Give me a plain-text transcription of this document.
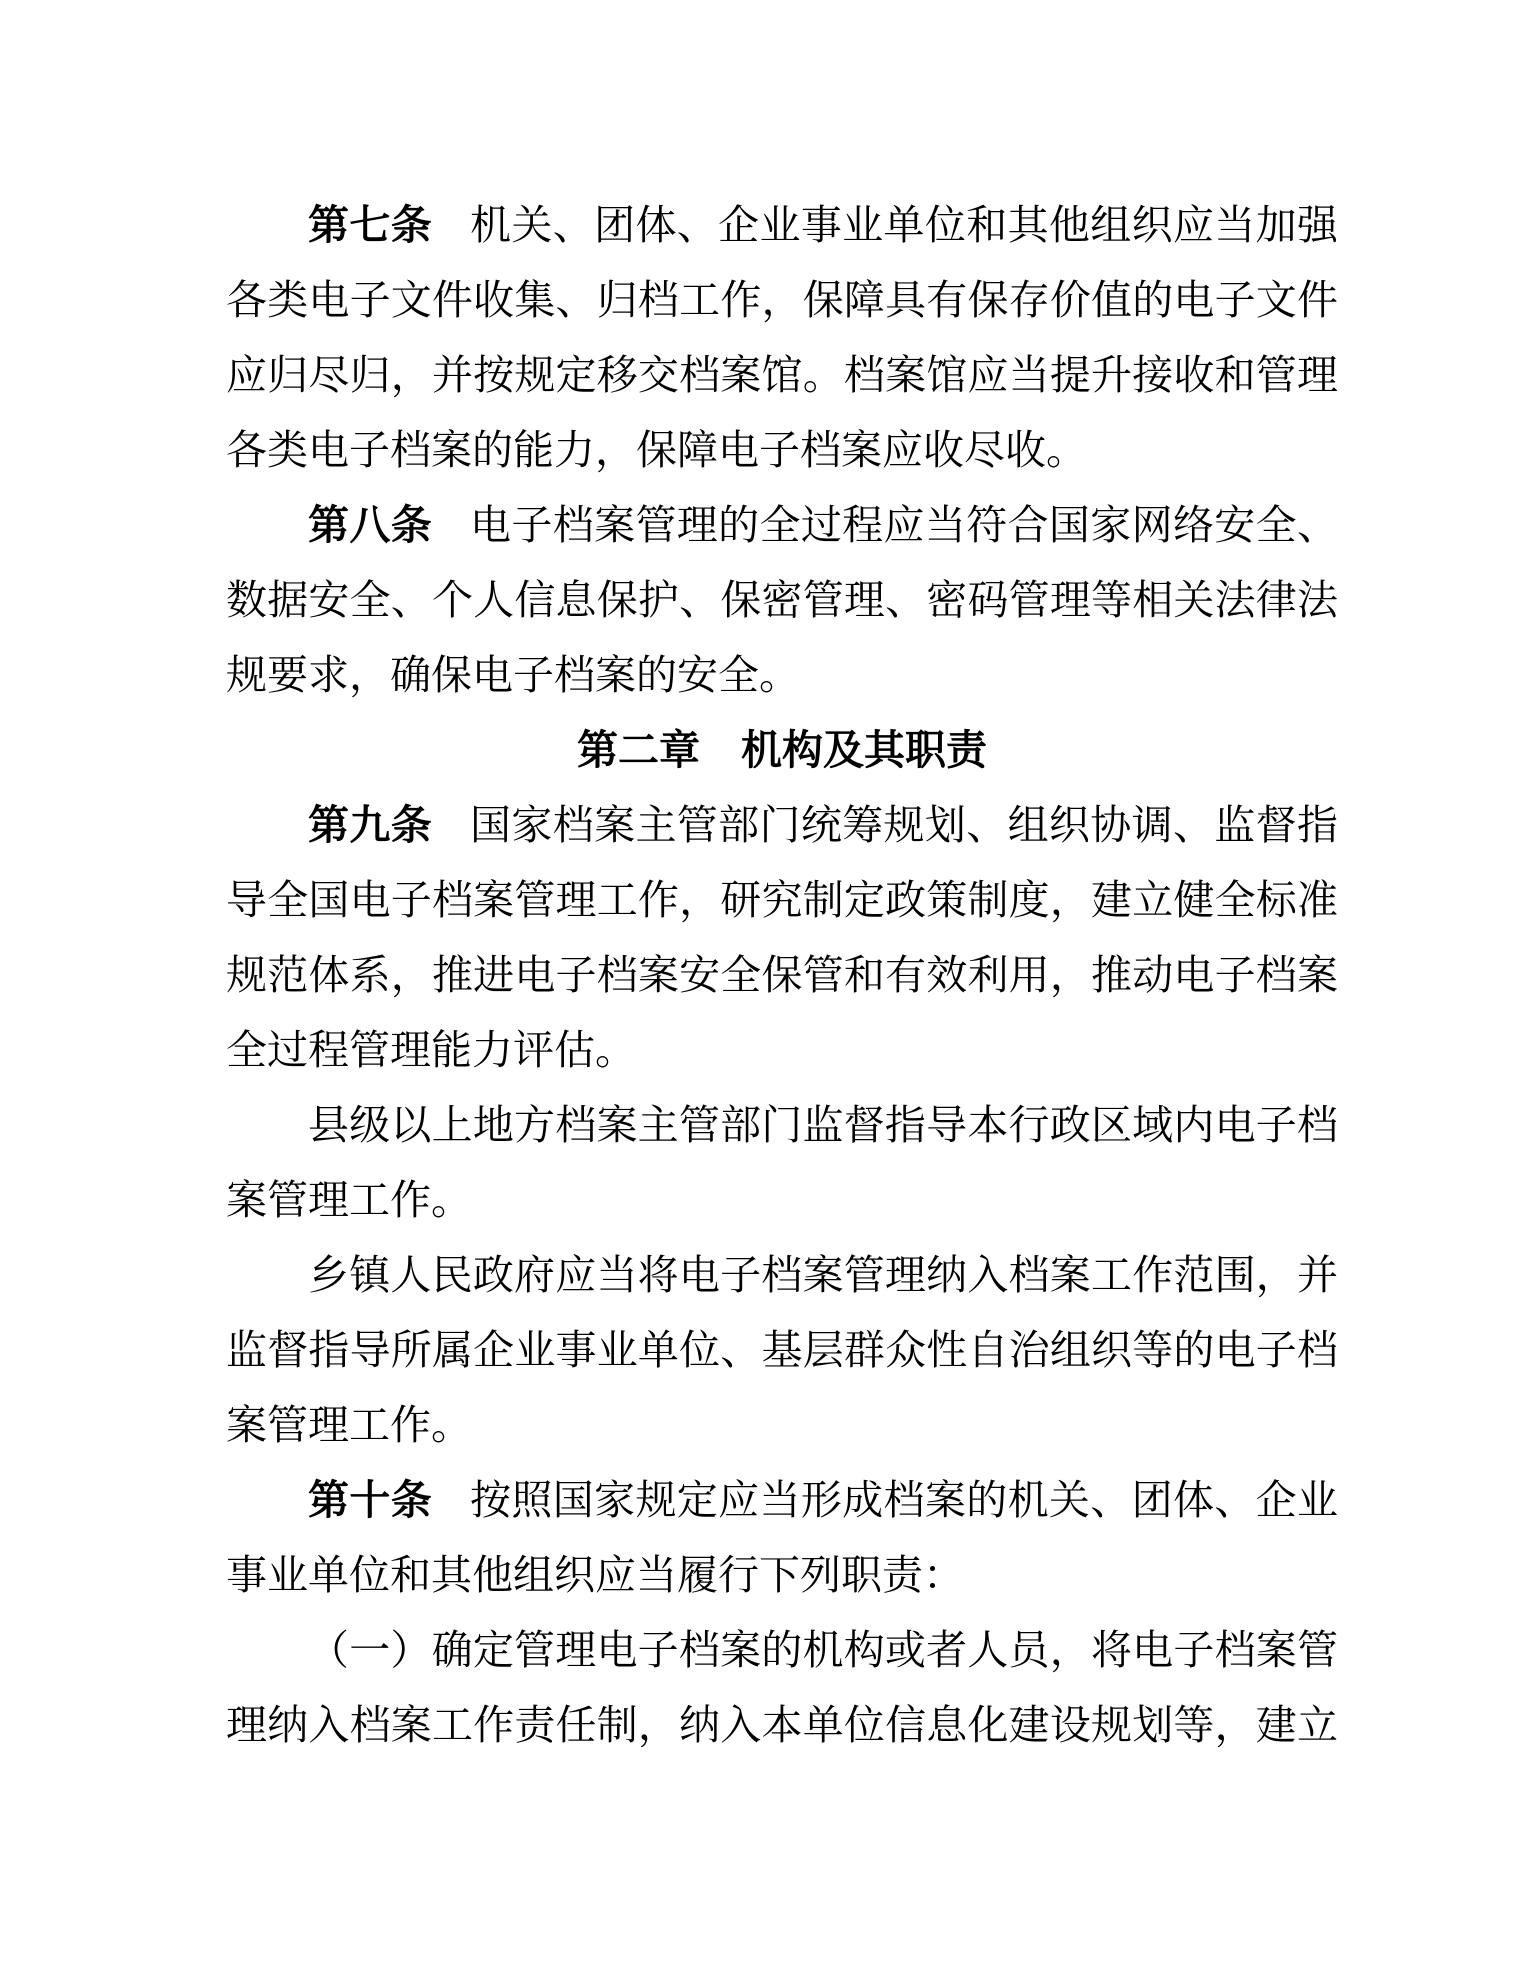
第七条 机关、团体、企业事业单位和其他组织应当加强
各类电子文件收集、归档工作，保障具有保存价值的电子文件
应归尽归，并按规定移交档案馆。档案馆应当提升接收和管理
各类电子档案的能力，保障电子档案应收尽收。
第八条 电子档案管理的全过程应当符合国家网络安全、
数据安全、个人信息保护、保密管理、密码管理等相关法律法
规要求，确保电子档案的安全。
第二章　机构及其职责
第九条 国家档案主管部门统筹规划、组织协调、监督指
导全国电子档案管理工作，研究制定政策制度，建立健全标准
规范体系，推进电子档案安全保管和有效利用，推动电子档案
全过程管理能力评估。
县级以上地方档案主管部门监督指导本行政区域内电子档
案管理工作。
乡镇人民政府应当将电子档案管理纳入档案工作范围，并
监督指导所属企业事业单位、基层群众性自治组织等的电子档
案管理工作。
第十条 按照国家规定应当形成档案的机关、团体、企业
事业单位和其他组织应当履行下列职责：
（一）确定管理电子档案的机构或者人员，将电子档案管
理纳入档案工作责任制，纳入本单位信息化建设规划等，建立
